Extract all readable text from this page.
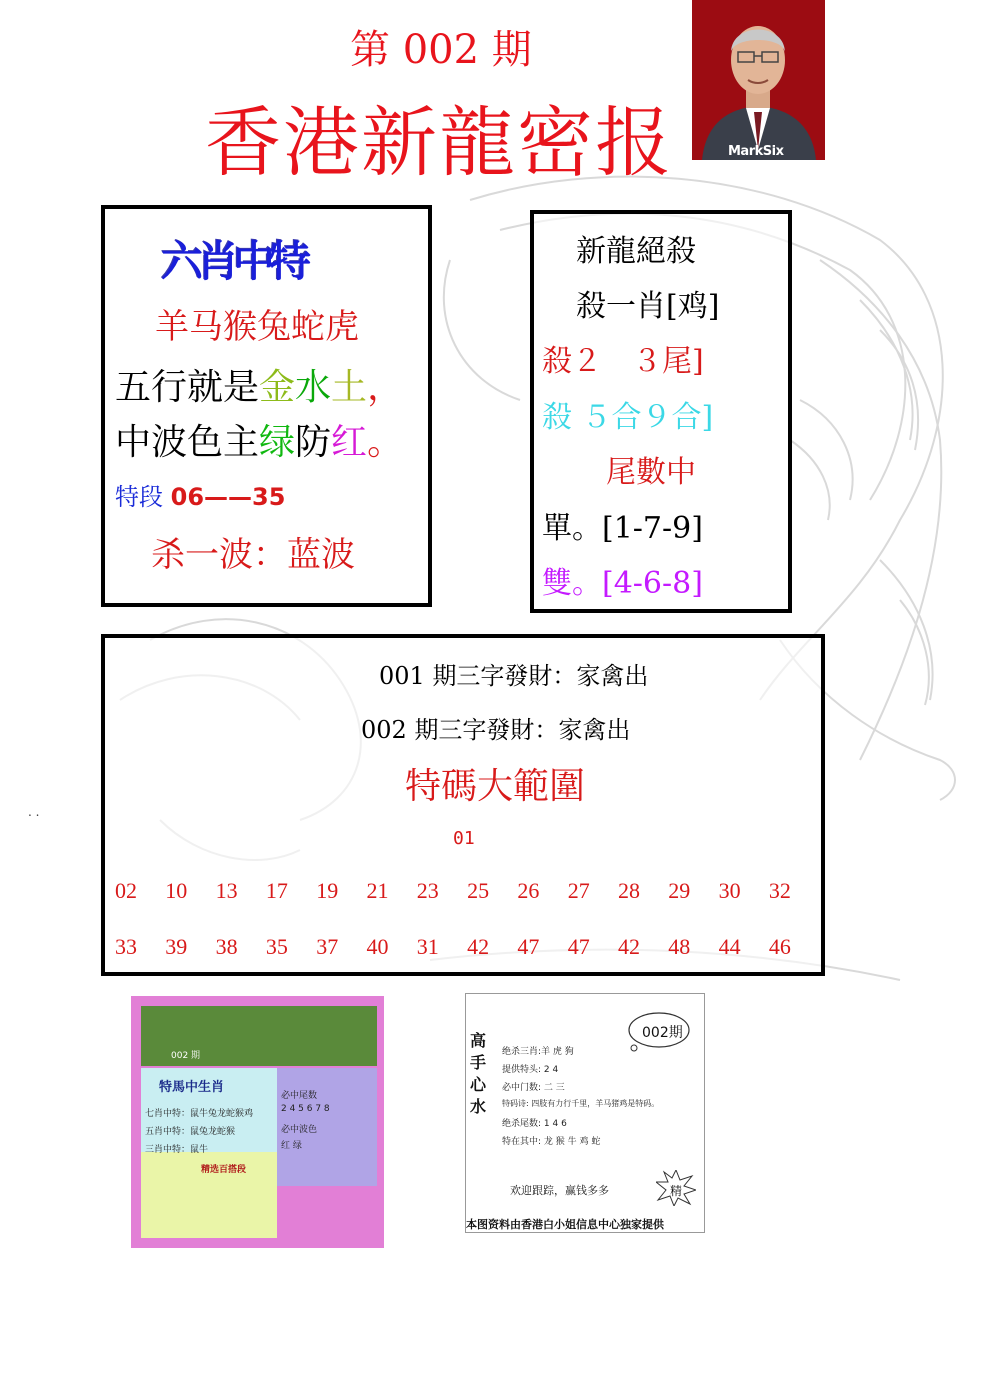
第 002 期
香港新龍密报	MarkSix
六肖中特
羊马猴兔蛇虎
五行就是金水土，
中波色主绿防红。
特段 06——35
杀一波：蓝波
新龍絕殺
殺一肖[鸡]
殺２　３尾]
殺 ５合９合]
尾數中
單。[1-7-9]
雙。[4-6-8]
001 期三字發財：家禽出
002 期三字發財：家禽出
特碼大範圍
01
02 10 13 17 19 21 23 25 26 27 28 29 30 32
33 39 38 35 37 40 31 42 47 47 42 48 44 46
. .
002 期
特馬中生肖
七肖中特：鼠牛兔龙蛇猴鸡
五肖中特：鼠兔龙蛇猴
三肖中特：鼠牛
必中尾数
2 4 5 6 7 8
必中波色
红 绿
精选百搭段
高手心水
002期
绝杀三肖:羊 虎 狗
提供特头: 2 4
必中门数: 二 三
特码诗: 四肢有力行千里，羊马猪鸡是特码。
绝杀尾数: 1 4 6
特在其中: 龙 猴 牛 鸡 蛇
欢迎跟踪，赢钱多多	精
本图资料由香港白小姐信息中心独家提供
